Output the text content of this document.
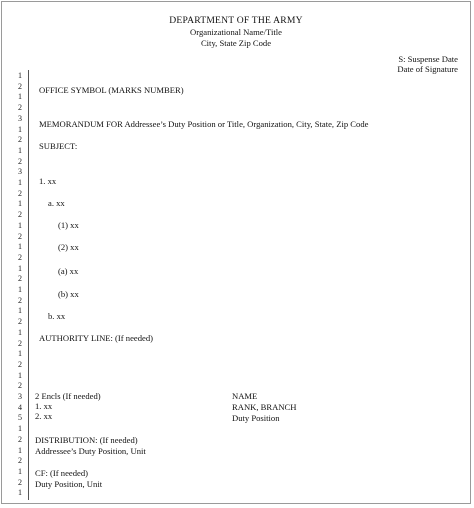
DEPARTMENT OF THE ARMY
Organizational Name/Title
City, State Zip Code
S: Suspense Date
Date of Signature
1
2
1
2
3
1
2
1
2
3
1
2
1
2
1
2
1
2
1
2
1
2
1
2
1
2
1
2
1
2
3
4
5
1
2
1
2
1
2
1
OFFICE SYMBOL (MARKS NUMBER)
MEMORANDUM FOR Addressee’s Duty Position or Title, Organization, City, State, Zip Code
SUBJECT:
1. xx
a. xx
(1) xx
(2) xx
(a) xx
(b) xx
b. xx
AUTHORITY LINE: (If needed)
2 Encls (If needed)
1. xx
2. xx
NAME
RANK, BRANCH
Duty Position
DISTRIBUTION: (If needed)
Addressee’s Duty Position, Unit
CF: (If needed)
Duty Position, Unit
